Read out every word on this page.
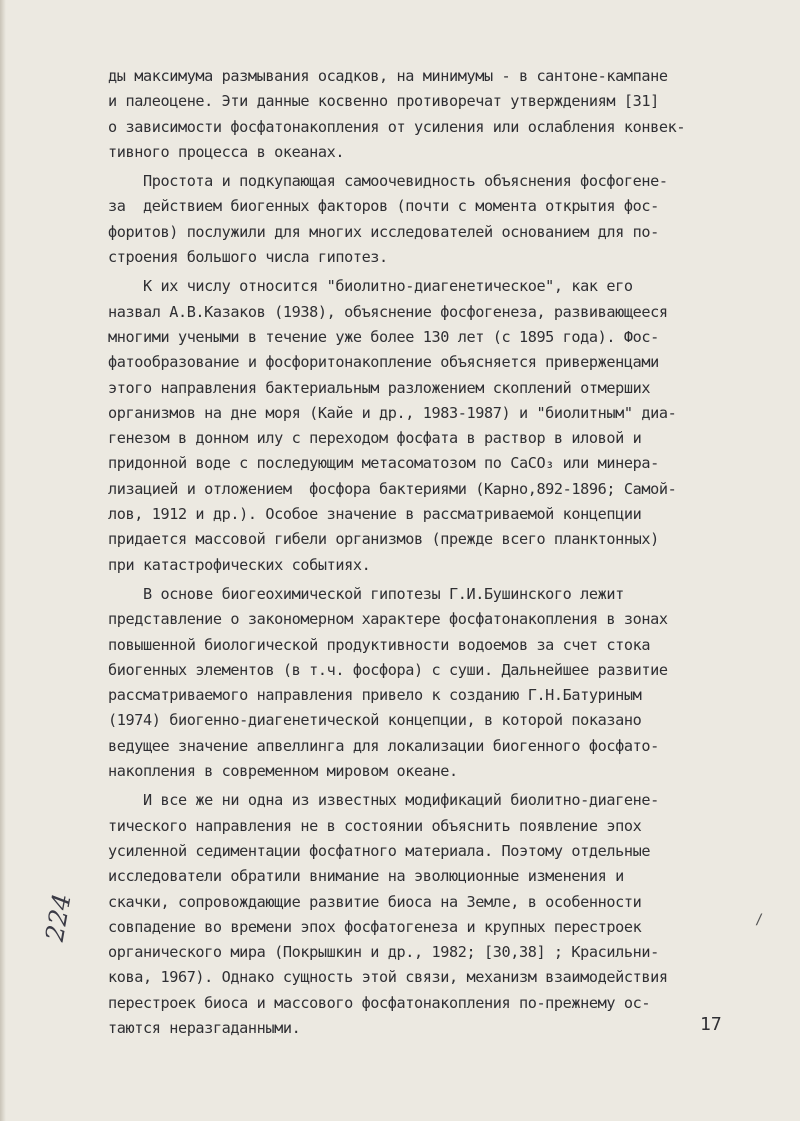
ды максимума размывания осадков, на минимумы - в сантоне-кампане
и палеоцене. Эти данные косвенно противоречат утверждениям [31]
о зависимости фосфатонакопления от усиления или ослабления конвек-
тивного процесса в океанах.
Простота и подкупающая самоочевидность объяснения фосфогене-
за  действием биогенных факторов (почти с момента открытия фос-
форитов) послужили для многих исследователей основанием для по-
строения большого числа гипотез.
К их числу относится "биолитно-диагенетическое", как его
назвал А.В.Казаков (1938), объяснение фосфогенеза, развивающееся
многими учеными в течение уже более 130 лет (с 1895 года). Фос-
фатообразование и фосфоритонакопление объясняется приверженцами
этого направления бактериальным разложением скоплений отмерших
организмов на дне моря (Кайе и др., 1983-1987) и "биолитным" диа-
генезом в донном илу с переходом фосфата в раствор в иловой и
придонной воде с последующим метасоматозом по CaCO₃ или минера-
лизацией и отложением  фосфора бактериями (Карно,892-1896; Самой-
лов, 1912 и др.). Особое значение в рассматриваемой концепции
придается массовой гибели организмов (прежде всего планктонных)
при катастрофических событиях.
В основе биогеохимической гипотезы Г.И.Бушинского лежит
представление о закономерном характере фосфатонакопления в зонах
повышенной биологической продуктивности водоемов за счет стока
биогенных элементов (в т.ч. фосфора) с суши. Дальнейшее развитие
рассматриваемого направления привело к созданию Г.Н.Батуриным
(1974) биогенно-диагенетической концепции, в которой показано
ведущее значение апвеллинга для локализации биогенного фосфато-
накопления в современном мировом океане.
И все же ни одна из известных модификаций биолитно-диагене-
тического направления не в состоянии объяснить появление эпох
усиленной седиментации фосфатного материала. Поэтому отдельные
исследователи обратили внимание на эволюционные изменения и
скачки, сопровождающие развитие биоса на Земле, в особенности
совпадение во времени эпох фосфатогенеза и крупных перестроек
органического мира (Покрышкин и др., 1982; [30,38] ; Красильни-
кова, 1967). Однако сущность этой связи, механизм взаимодействия
перестроек биоса и массового фосфатонакопления по-прежнему ос-
таются неразгаданными.
224	/
17
